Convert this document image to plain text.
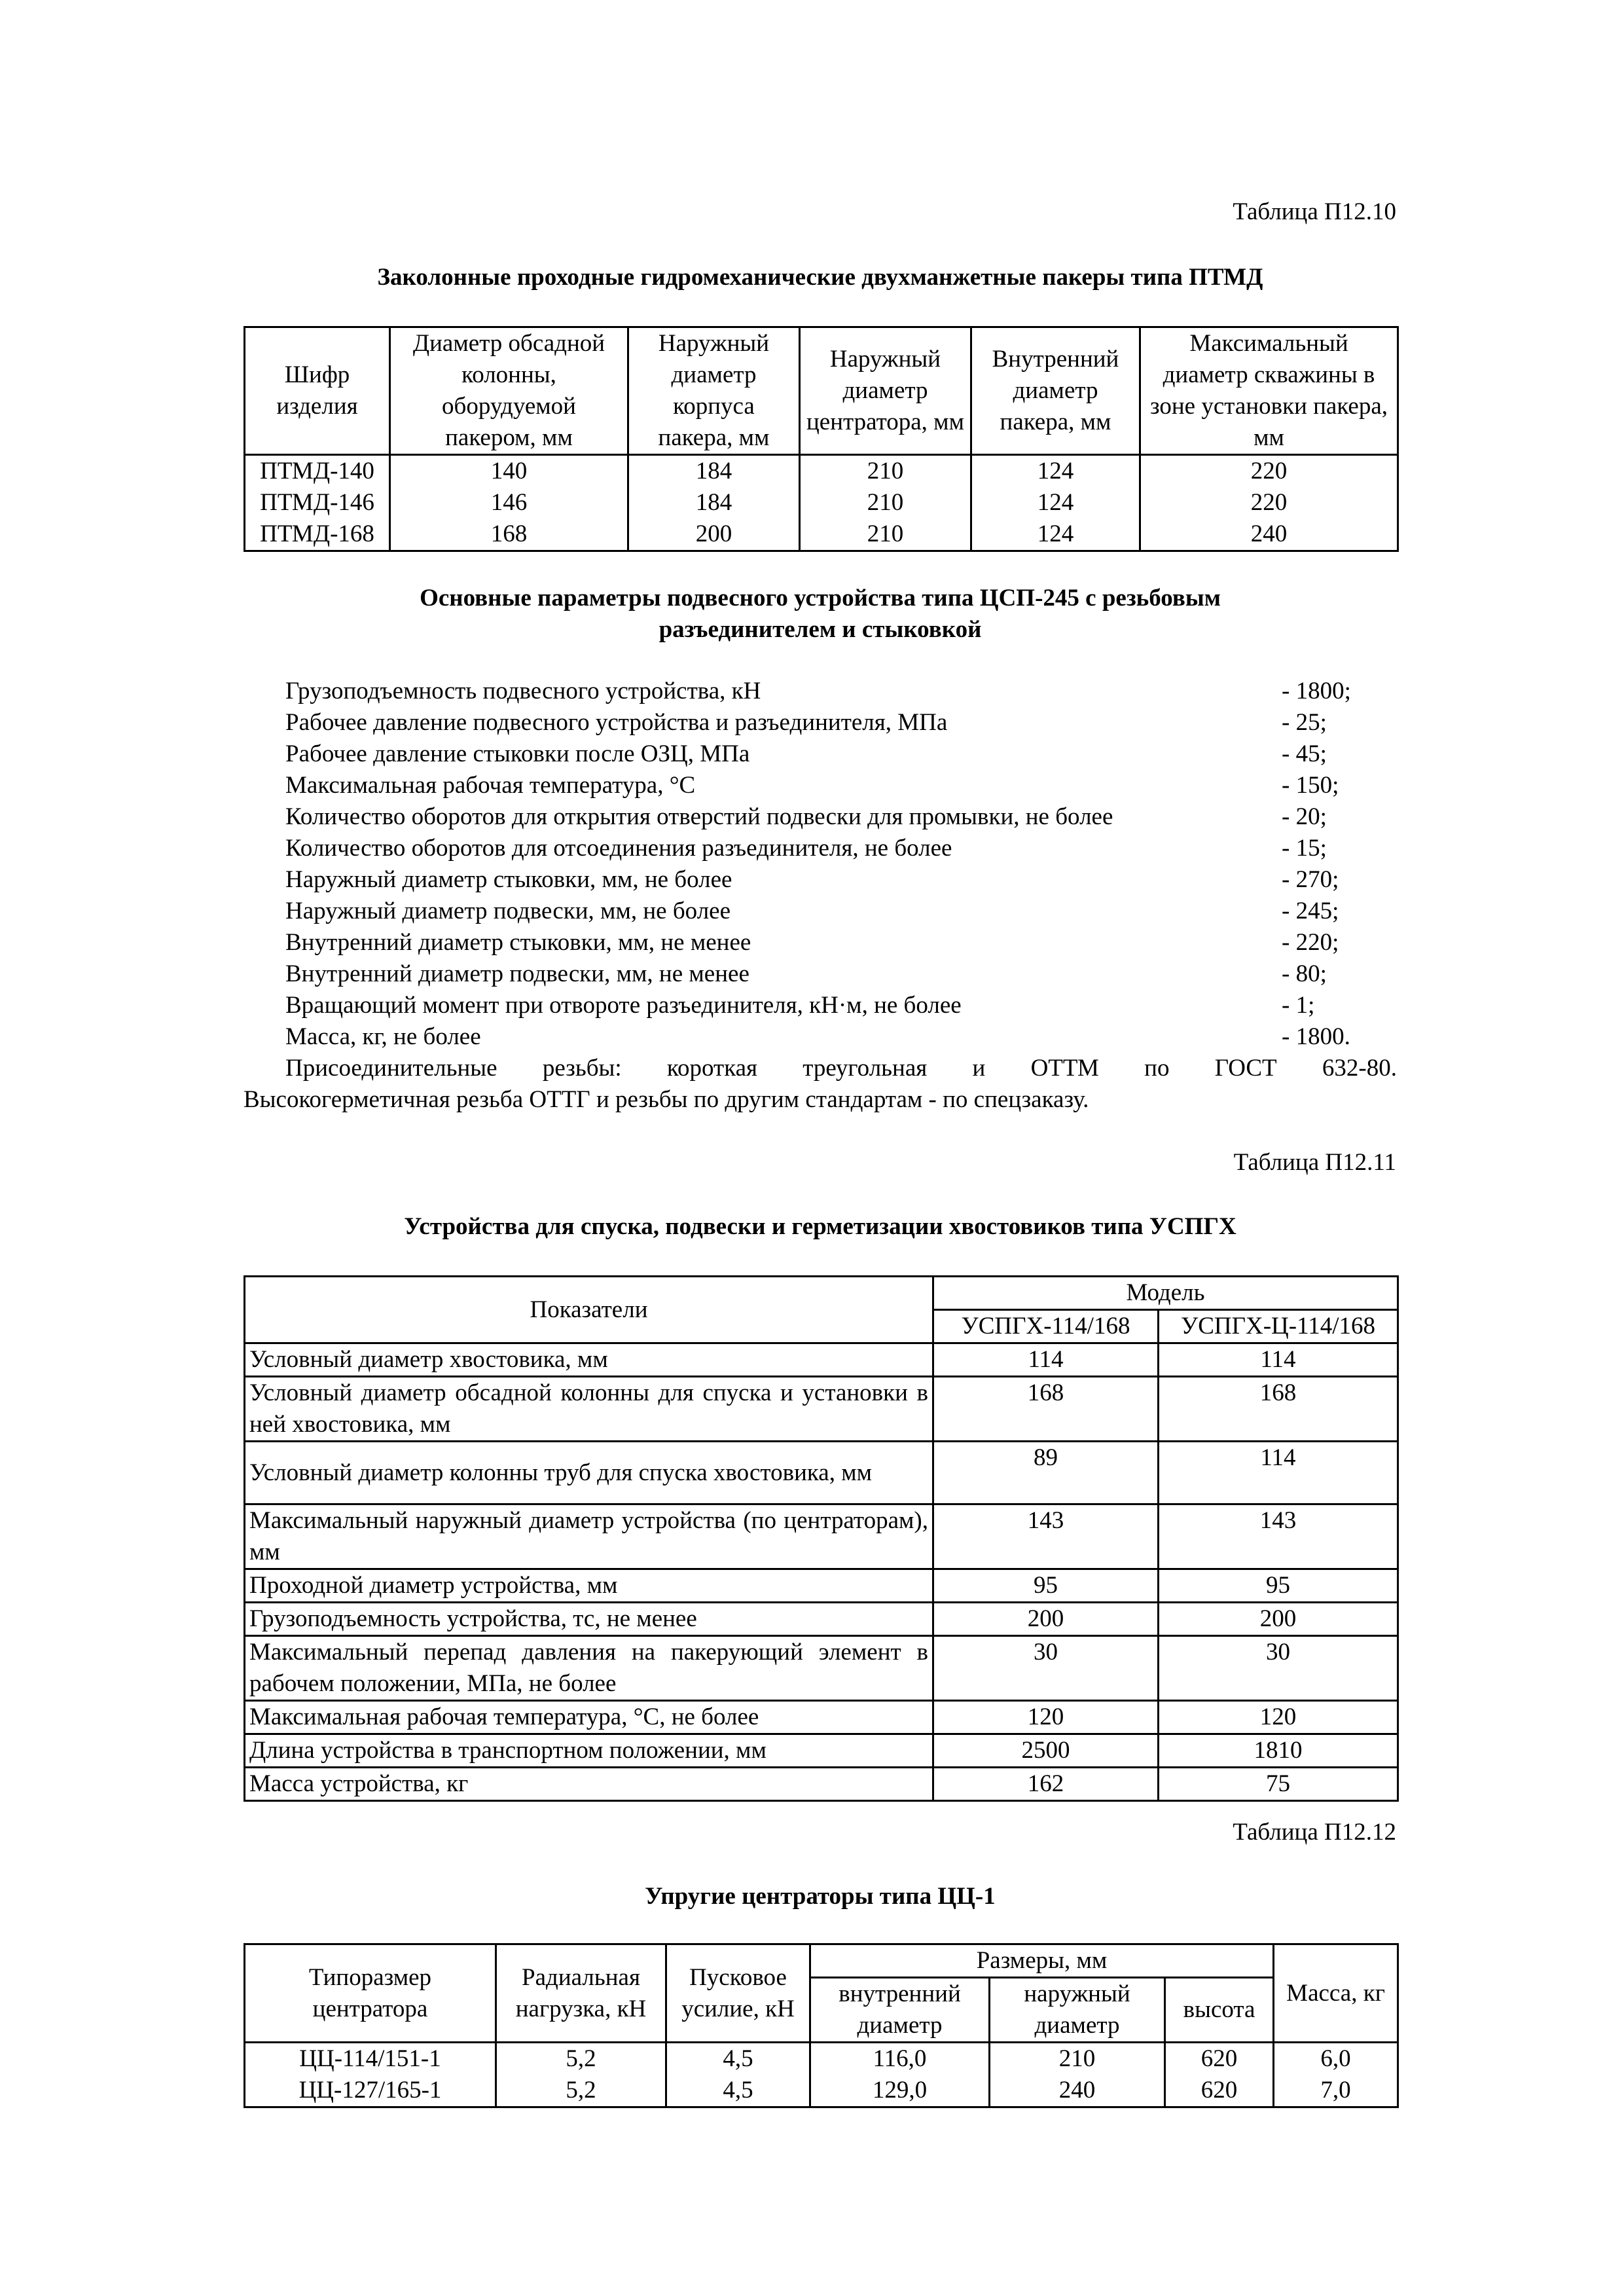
Таблица П12.10
Заколонные проходные гидромеханические двухманжетные пакеры типа ПТМД
Шифр изделия	Диаметр обсадной колонны, оборудуемой пакером, мм	Наружный диаметр корпуса пакера, мм	Наружный диаметр центратора, мм	Внутренний диаметр пакера, мм	Максимальный диаметр скважины в зоне установки пакера, мм
ПТМД-140	140	184	210	124	220
ПТМД-146	146	184	210	124	220
ПТМД-168	168	200	210	124	240
Основные параметры подвесного устройства типа ЦСП-245 с резьбовым
разъединителем и стыковкой
Грузоподъемность подвесного устройства, кН	- 1800;
Рабочее давление подвесного устройства и разъединителя, МПа	- 25;
Рабочее давление стыковки после ОЗЦ, МПа	- 45;
Максимальная рабочая температура, °С	- 150;
Количество оборотов для открытия отверстий подвески для промывки, не более	- 20;
Количество оборотов для отсоединения разъединителя, не более	- 15;
Наружный диаметр стыковки, мм, не более	- 270;
Наружный диаметр подвески, мм, не более	- 245;
Внутренний диаметр стыковки, мм, не менее	- 220;
Внутренний диаметр подвески, мм, не менее	- 80;
Вращающий момент при отвороте разъединителя, кН·м, не более	- 1;
Масса, кг, не более	- 1800.
Присоединительные резьбы: короткая треугольная и ОТТМ по ГОСТ 632-80.
Высокогерметичная резьба ОТТГ и резьбы по другим стандартам - по спецзаказу.
Таблица П12.11
Устройства для спуска, подвески и герметизации хвостовиков типа УСПГХ
Показатели	Модель	
	УСПГХ-114/168	УСПГХ-Ц-114/168
Условный диаметр хвостовика, мм	114	114
Условный диаметр обсадной колонны для спуска и установки в ней хвостовика, мм	168	168
Условный диаметр колонны труб для спуска хвостовика, мм	89	114
Максимальный наружный диаметр устройства (по центраторам), мм	143	143
Проходной диаметр устройства, мм	95	95
Грузоподъемность устройства, тс, не менее	200	200
Максимальный перепад давления на пакерующий элемент в рабочем положении, МПа, не более	30	30
Максимальная рабочая температура, °С, не более	120	120
Длина устройства в транспортном положении, мм	2500	1810
Масса устройства, кг	162	75
Таблица П12.12
Упругие центраторы типа ЦЦ-1
Типоразмер центратора	Радиальная нагрузка, кН	Пусковое усилие, кН	Размеры, мм			Масса, кг
			внутренний диаметр	наружный диаметр	высота	
ЦЦ-114/151-1	5,2	4,5	116,0	210	620	6,0
ЦЦ-127/165-1	5,2	4,5	129,0	240	620	7,0
